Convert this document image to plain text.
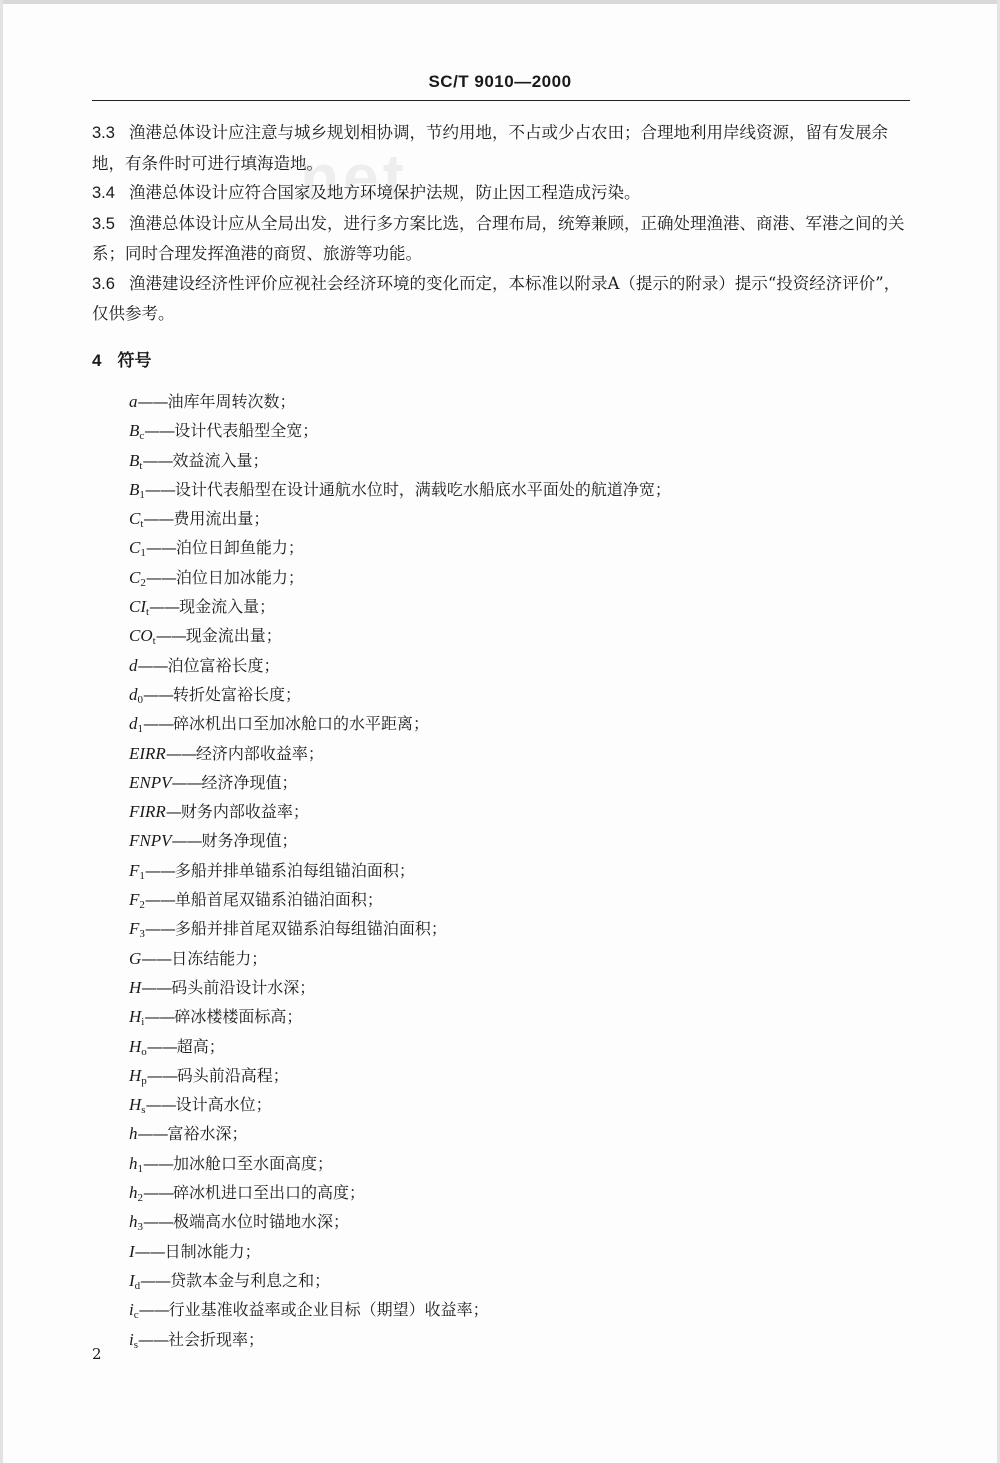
SC/T 9010—2000
net

3.3 渔港总体设计应注意与城乡规划相协调，节约用地，不占或少占农田；合理地利用岸线资源，留有发展余地，有条件时可进行填海造地。

3.4 渔港总体设计应符合国家及地方环境保护法规，防止因工程造成污染。

3.5 渔港总体设计应从全局出发，进行多方案比选，合理布局，统筹兼顾，正确处理渔港、商港、军港之间的关系；同时合理发挥渔港的商贸、旅游等功能。

3.6 渔港建设经济性评价应视社会经济环境的变化而定，本标准以附录A（提示的附录）提示“投资经济评价”，仅供参考。

4 符号
a——油库年周转次数；
$B_c——$设计代表船型全宽；
$B_t——$效益流入量；
$B_1——$设计代表船型在设计通航水位时，满载吃水船底水平面处的航道净宽；
$C_t——$费用流出量；
$C_1——$泊位日卸鱼能力；
$C_2——$泊位日加冰能力；
$CI_t——$现金流入量；
$CO_t——$现金流出量；
d——泊位富裕长度；
$d_0——$转折处富裕长度；
$d_1——$碎冰机出口至加冰舱口的水平距离；
EIRR——经济内部收益率；
ENPV——经济净现值；
FIRR—财务内部收益率；
FNPV——财务净现值；
$F_1——$多船并排单锚系泊每组锚泊面积；
$F_2——$单船首尾双锚系泊锚泊面积；
$F_3——$多船并排首尾双锚系泊每组锚泊面积；
G——日冻结能力；
H——码头前沿设计水深；
$H_i——$碎冰楼楼面标高；
$H_o——$超高；
$H_p——$码头前沿高程；
$H_s——$设计高水位；
h——富裕水深；
$h_1——$加冰舱口至水面高度；
$h_2——$碎冰机进口至出口的高度；
$h_3——$极端高水位时锚地水深；
I——日制冰能力；
$I_d——$贷款本金与利息之和；
$i_c——$行业基准收益率或企业目标（期望）收益率；
$i_s——$社会折现率；
2
